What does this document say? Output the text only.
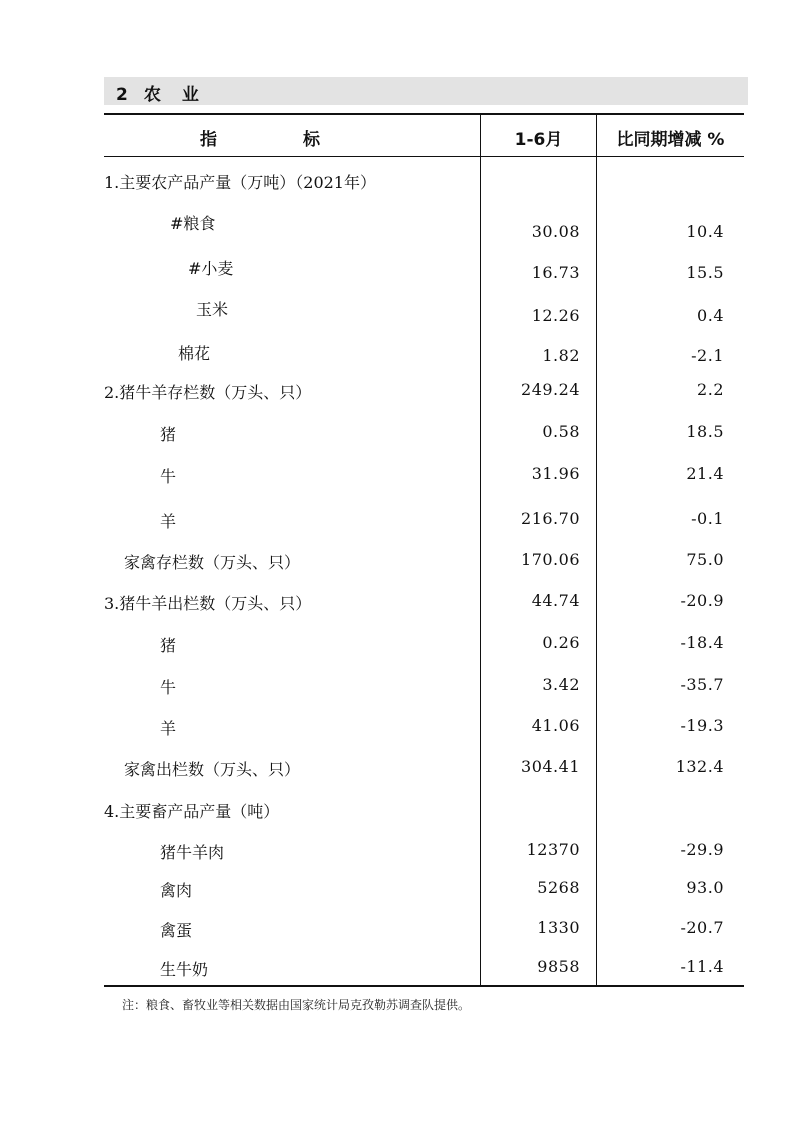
2 农　业
指	标	1-6月	比同期增减 %
1.主要农产品产量（万吨）（2021年）
#粮食	30.08	10.4
#小麦	16.73	15.5
玉米	12.26	0.4
棉花	1.82	-2.1
2.猪牛羊存栏数（万头、只）	249.24	2.2
猪	0.58	18.5
牛	31.96	21.4
羊	216.70	-0.1
家禽存栏数（万头、只）	170.06	75.0
3.猪牛羊出栏数（万头、只）	44.74	-20.9
猪	0.26	-18.4
牛	3.42	-35.7
羊	41.06	-19.3
家禽出栏数（万头、只）	304.41	132.4
4.主要畜产品产量（吨）
猪牛羊肉	12370	-29.9
禽肉	5268	93.0
禽蛋	1330	-20.7
生牛奶	9858	-11.4
注：粮食、畜牧业等相关数据由国家统计局克孜勒苏调查队提供。
